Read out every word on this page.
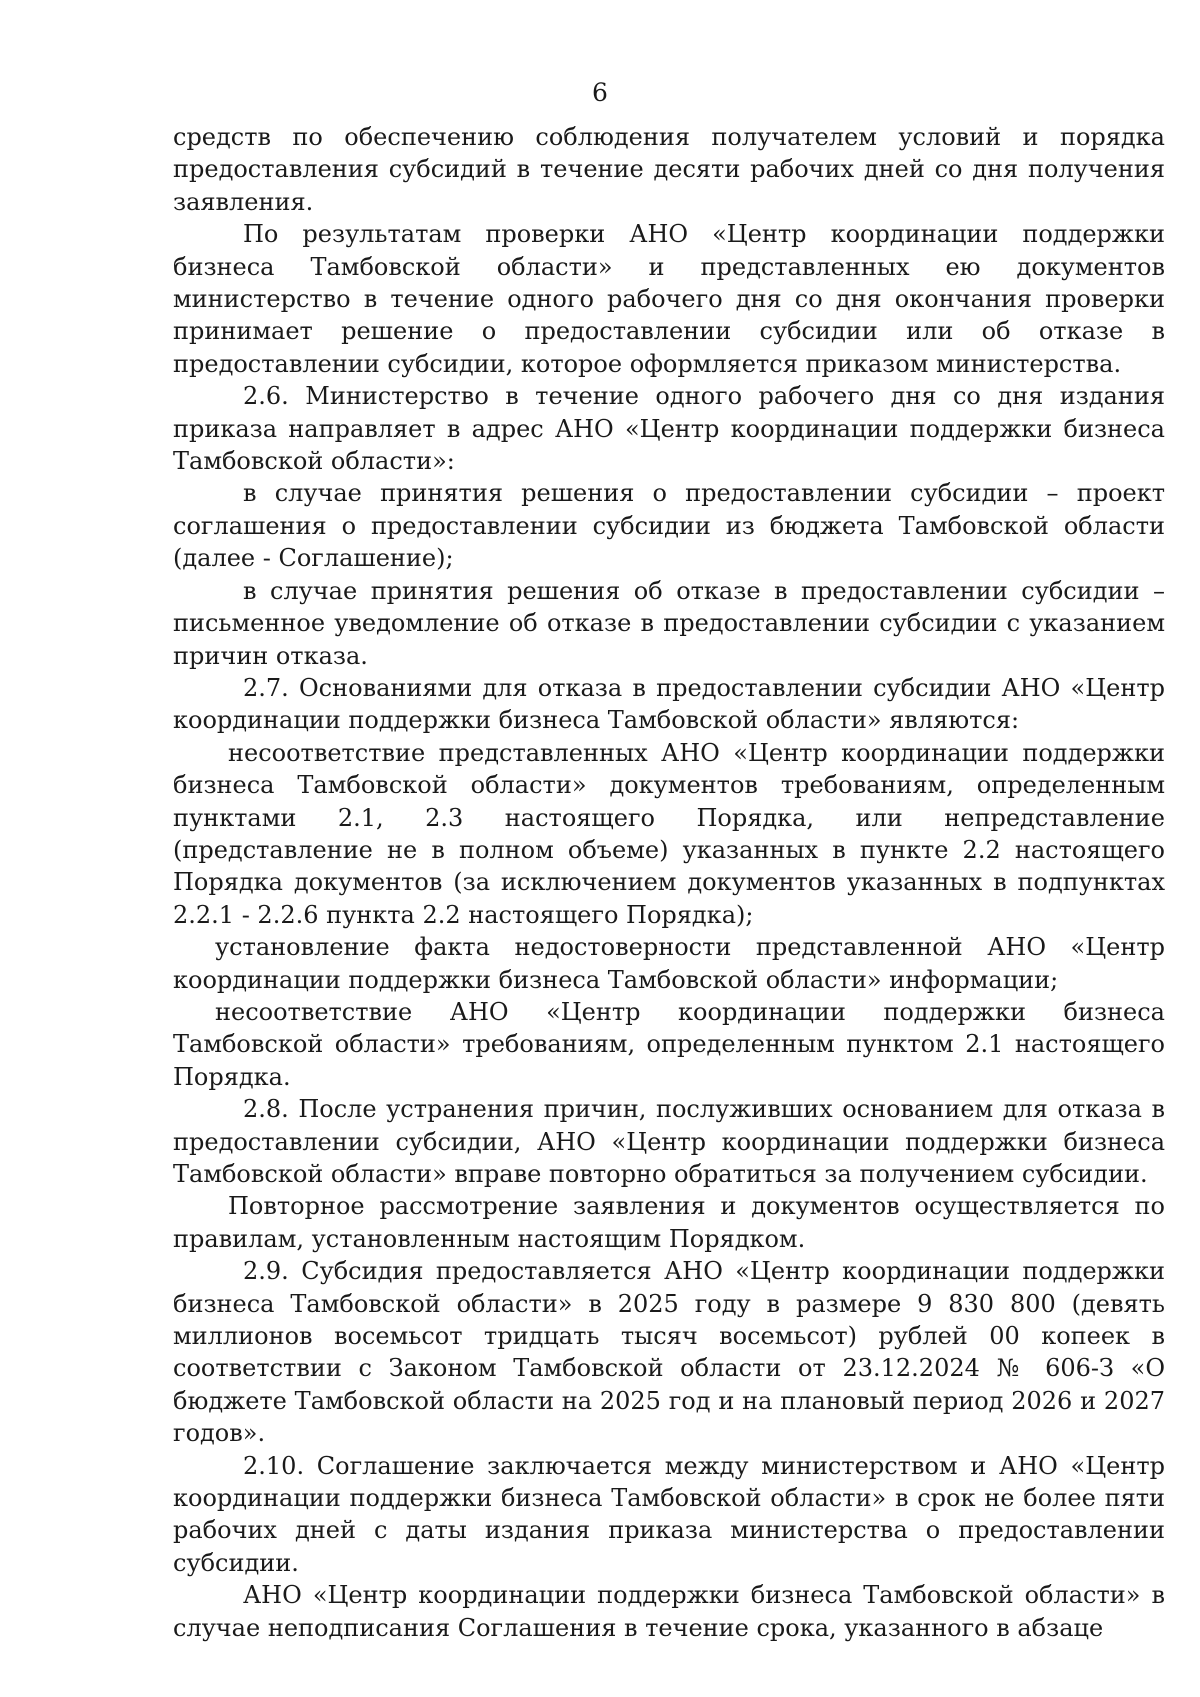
6

средств по обеспечению соблюдения получателем условий и порядка предоставления субсидий в течение десяти рабочих дней со дня получения заявления.

По результатам проверки АНО «Центр координации поддержки бизнеса Тамбовской области» и представленных ею документов министерство в течение одного рабочего дня со дня окончания проверки принимает решение о предоставлении субсидии или об отказе в предоставлении субсидии, которое оформляется приказом министерства.

2.6. Министерство в течение одного рабочего дня со дня издания приказа направляет в адрес АНО «Центр координации поддержки бизнеса Тамбовской области»:

в случае принятия решения о предоставлении субсидии – проект соглашения о предоставлении субсидии из бюджета Тамбовской области (далее - Соглашение);

в случае принятия решения об отказе в предоставлении субсидии – письменное уведомление об отказе в предоставлении субсидии с указанием причин отказа.

2.7. Основаниями для отказа в предоставлении субсидии АНО «Центр координации поддержки бизнеса Тамбовской области» являются:

несоответствие представленных АНО «Центр координации поддержки бизнеса Тамбовской области» документов требованиям, определенным пунктами 2.1, 2.3 настоящего Порядка, или непредставление (представление не в полном объеме) указанных в пункте 2.2 настоящего Порядка документов (за исключением документов указанных в подпунктах 2.2.1 - 2.2.6 пункта 2.2 настоящего Порядка);

установление факта недостоверности представленной АНО «Центр координации поддержки бизнеса Тамбовской области» информации;

несоответствие АНО «Центр координации поддержки бизнеса Тамбовской области» требованиям, определенным пунктом 2.1 настоящего Порядка.

2.8. После устранения причин, послуживших основанием для отказа в предоставлении субсидии, АНО «Центр координации поддержки бизнеса Тамбовской области» вправе повторно обратиться за получением субсидии.

Повторное рассмотрение заявления и документов осуществляется по правилам, установленным настоящим Порядком.

2.9. Субсидия предоставляется АНО «Центр координации поддержки бизнеса Тамбовской области» в 2025 году в размере 9 830 800 (девять миллионов восемьсот тридцать тысяч восемьсот) рублей 00 копеек в соответствии с Законом Тамбовской области от 23.12.2024 № 606-З «О бюджете Тамбовской области на 2025 год и на плановый период 2026 и 2027 годов».

2.10. Соглашение заключается между министерством и АНО «Центр координации поддержки бизнеса Тамбовской области» в срок не более пяти рабочих дней с даты издания приказа министерства о предоставлении субсидии.

АНО «Центр координации поддержки бизнеса Тамбовской области» в случае неподписания Соглашения в течение срока, указанного в абзаце
